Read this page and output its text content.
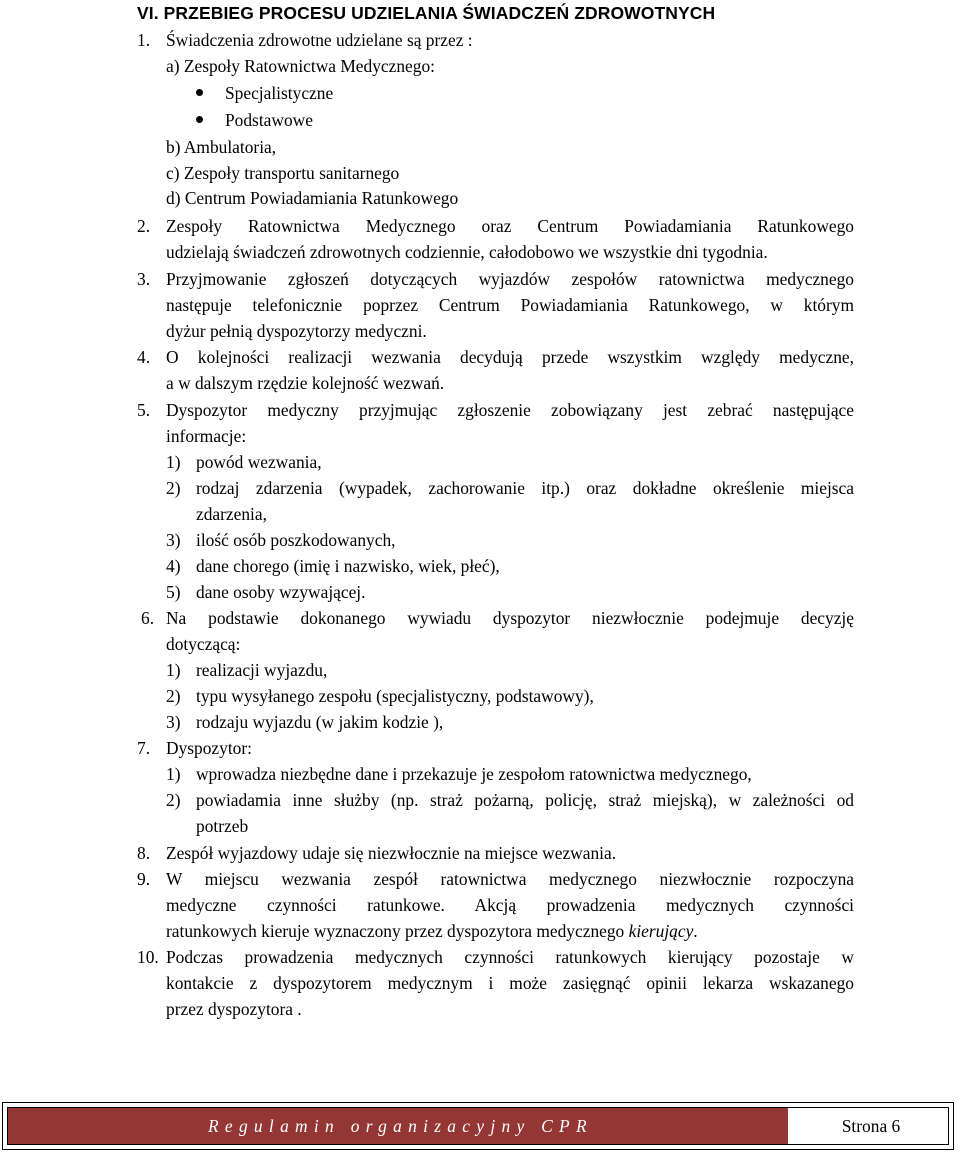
VI. PRZEBIEG PROCESU UDZIELANIA ŚWIADCZEŃ ZDROWOTNYCH
1. Świadczenia zdrowotne udzielane są przez :
a) Zespoły Ratownictwa Medycznego:
Specjalistyczne
Podstawowe
b) Ambulatoria,
c) Zespoły transportu sanitarnego
d) Centrum Powiadamiania Ratunkowego
2. Zespoły Ratownictwa Medycznego oraz Centrum Powiadamiania Ratunkowego
udzielają świadczeń zdrowotnych codziennie, całodobowo we wszystkie dni tygodnia.
3. Przyjmowanie zgłoszeń dotyczących wyjazdów zespołów ratownictwa medycznego
następuje telefonicznie poprzez Centrum Powiadamiania Ratunkowego, w którym
dyżur pełnią dyspozytorzy medyczni.
4. O kolejności realizacji wezwania decydują przede wszystkim względy medyczne,
a w dalszym rzędzie kolejność wezwań.
5. Dyspozytor medyczny przyjmując zgłoszenie zobowiązany jest zebrać następujące
informacje:
1) powód wezwania,
2) rodzaj zdarzenia (wypadek, zachorowanie itp.) oraz dokładne określenie miejsca
zdarzenia,
3) ilość osób poszkodowanych,
4) dane chorego (imię i nazwisko, wiek, płeć),
5) dane osoby wzywającej.
6. Na podstawie dokonanego wywiadu dyspozytor niezwłocznie podejmuje decyzję
dotyczącą:
1) realizacji wyjazdu,
2) typu wysyłanego zespołu (specjalistyczny, podstawowy),
3) rodzaju wyjazdu (w jakim kodzie ),
7. Dyspozytor:
1) wprowadza niezbędne dane i przekazuje je zespołom ratownictwa medycznego,
2) powiadamia inne służby (np. straż pożarną, policję, straż miejską), w zależności od
potrzeb
8. Zespół wyjazdowy udaje się niezwłocznie na miejsce wezwania.
9. W miejscu wezwania zespół ratownictwa medycznego niezwłocznie rozpoczyna
medyczne czynności ratunkowe. Akcją prowadzenia medycznych czynności
ratunkowych kieruje wyznaczony przez dyspozytora medycznego kierujący.
10. Podczas prowadzenia medycznych czynności ratunkowych kierujący pozostaje w
kontakcie z dyspozytorem medycznym i może zasięgnąć opinii lekarza wskazanego
przez dyspozytora .
Regulamin organizacyjny CPR	Strona 6
